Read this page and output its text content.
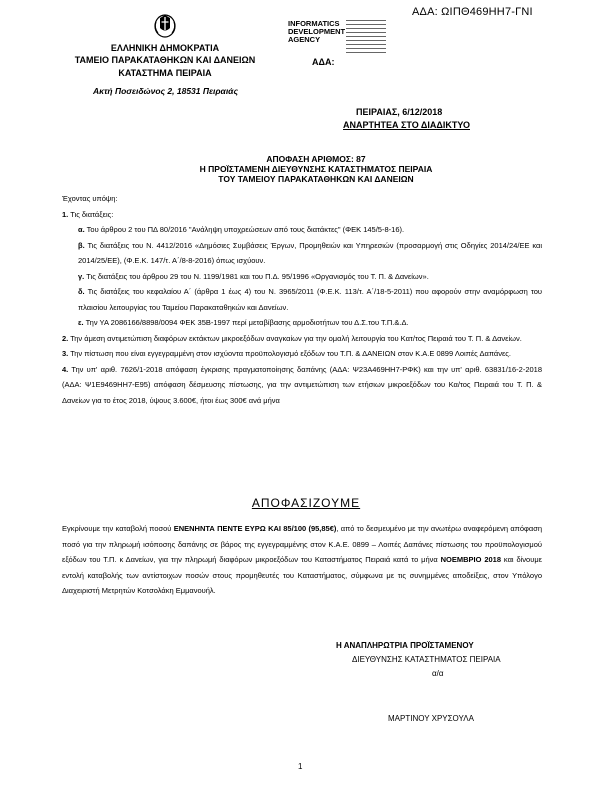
ΑΔΑ: ΩΙΠΘ469ΗΗ7-ΓΝΙ
INFORMATICS
DEVELOPMENT
AGENCY
ΕΛΛΗΝΙΚΗ ΔΗΜΟΚΡΑΤΙΑ
ΤΑΜΕΙΟ ΠΑΡΑΚΑΤΑΘΗΚΩΝ ΚΑΙ ΔΑΝΕΙΩΝ
ΚΑΤΑΣΤΗΜΑ ΠΕΙΡΑΙΑ
ΑΔΑ:
Ακτή Ποσειδώνος 2, 18531 Πειραιάς
ΠΕΙΡΑΙΑΣ, 6/12/2018
ΑΝΑΡΤΗΤΕΑ ΣΤΟ ΔΙΑΔΙΚΤΥΟ
ΑΠΟΦΑΣΗ ΑΡΙΘΜΟΣ: 87
Η ΠΡΟΪΣΤΑΜΕΝΗ ΔΙΕΥΘΥΝΣΗΣ ΚΑΤΑΣΤΗΜΑΤΟΣ ΠΕΙΡΑΙΑ
ΤΟΥ ΤΑΜΕΙΟΥ ΠΑΡΑΚΑΤΑΘΗΚΩΝ ΚΑΙ ΔΑΝΕΙΩΝ

Έχοντας υπόψη:

1. Τις διατάξεις:

α. Του άρθρου 2 του ΠΔ 80/2016 "Ανάληψη υποχρεώσεων από τους διατάκτες" (ΦΕΚ 145/5-8-16).

β. Τις διατάξεις του Ν. 4412/2016 «Δημόσιες Συμβάσεις Έργων, Προμηθειών και Υπηρεσιών (προσαρμογή στις Οδηγίες 2014/24/ΕΕ και 2014/25/ΕΕ), (Φ.Ε.Κ. 147/τ. Α΄/8-8-2016) όπως ισχύουν.

γ. Τις διατάξεις του άρθρου 29 του Ν. 1199/1981 και του Π.Δ. 95/1996 «Οργανισμός του Τ. Π. & Δανείων».

δ. Τις διατάξεις του κεφαλαίου Α΄ (άρθρα 1 έως 4) του Ν. 3965/2011 (Φ.Ε.Κ. 113/τ. Α΄/18-5-2011) που αφορούν στην αναμόρφωση του πλαισίου λειτουργίας του Ταμείου Παρακαταθηκών και Δανείων.

ε. Την ΥΑ 2086166/8898/0094 ΦΕΚ 35Β-1997 περί μεταβίβασης αρμοδιοτήτων του Δ.Σ.του Τ.Π.&.Δ.

2. Την άμεση αντιμετώπιση διαφόρων εκτάκτων μικροεξόδων αναγκαίων για την ομαλή λειτουργία του Κατ/τος Πειραιά του Τ. Π. & Δανείων.

3. Την πίστωση που είναι εγγεγραμμένη στον ισχύοντα προϋπολογισμό εξόδων του Τ.Π. & ΔΑΝΕΙΩΝ στον Κ.Α.Ε 0899 Λοιπές Δαπάνες.

4. Την υπ' αριθ. 7626/1-2018 απόφαση έγκρισης πραγματοποίησης δαπάνης (ΑΔΑ: Ψ23Α469ΗΗ7-ΡΦΚ) και την υπ' αριθ. 63831/16-2-2018 (ΑΔΑ: Ψ1Ε9469ΗΗ7-Ε95) απόφαση δέσμευσης πίστωσης, για την αντιμετώπιση των ετήσιων μικροεξόδων του Κα/τος Πειραιά του Τ. Π. & Δανείων για το έτος 2018, ύψους 3.600€, ήτοι έως 300€ ανά μήνα

ΑΠΟΦΑΣΙΖΟΥΜΕ

Εγκρίνουμε την καταβολή ποσού ΕΝΕΝΗΝΤΑ ΠΕΝΤΕ ΕΥΡΩ ΚΑΙ 85/100 (95,85€), από το δεσμευμένο με την ανωτέρω αναφερόμενη απόφαση ποσό για την πληρωμή ισόποσης δαπάνης σε βάρος της εγγεγραμμένης στον Κ.Α.Ε. 0899 – Λοιπές Δαπάνες πίστωσης του προϋπολογισμού εξόδων του Τ.Π. κ Δανείων, για την πληρωμή διαφόρων μικροεξόδων του Καταστήματος Πειραιά κατά το μήνα ΝΟΕΜΒΡΙΟ 2018 και δίνουμε εντολή καταβολής των αντίστοιχων ποσών στους προμηθευτές του Καταστήματος, σύμφωνα με τις συνημμένες αποδείξεις, στον Υπόλογο Διαχειριστή Μετρητών Κοτσολάκη Εμμανουήλ.

Η ΑΝΑΠΛΗΡΩΤΡΙΑ ΠΡΟΪΣΤΑΜΕΝΟΥ
ΔΙΕΥΘΥΝΣΗΣ ΚΑΤΑΣΤΗΜΑΤΟΣ ΠΕΙΡΑΙΑ
α/α
ΜΑΡΤΙΝΟΥ ΧΡΥΣΟΥΛΑ
1
